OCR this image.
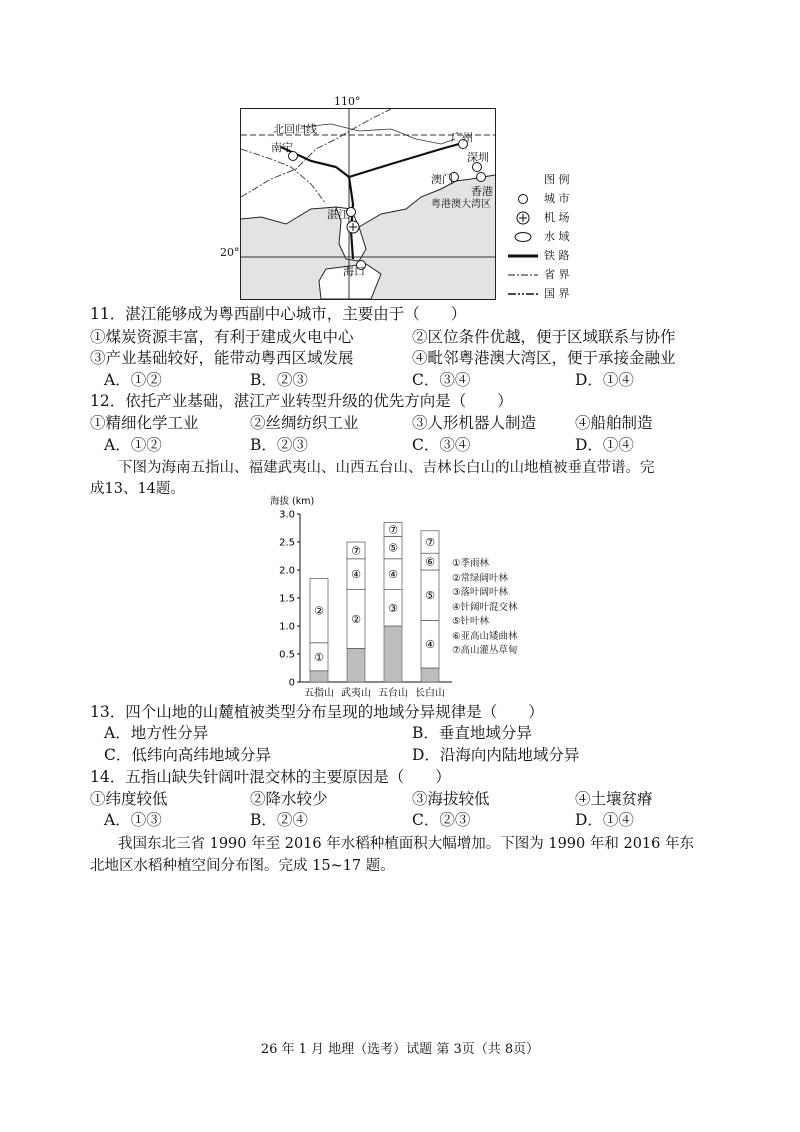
110°
20°
北回归线
南宁
广州
深圳
澳门
香港
粤港澳大湾区
湛江
海口
图 例
城 市
机 场
水 域
铁 路
省 界
国 界
11．湛江能够成为粤西副中心城市，主要由于（　　）
①煤炭资源丰富，有利于建成火电中心	②区位条件优越，便于区域联系与协作
③产业基础较好，能带动粤西区域发展	④毗邻粤港澳大湾区，便于承接金融业
A．①②	B．②③	C．③④	D．①④
12．依托产业基础，湛江产业转型升级的优先方向是（　　）
①精细化学工业	②丝绸纺织工业	③人形机器人制造	④船舶制造
A．①②	B．②③	C．③④	D．①④
下图为海南五指山、福建武夷山、山西五台山、吉林长白山的山地植被垂直带谱。完
成13、14题。
海拔 (km)
0
0.5
1.0
1.5
2.0
2.5
3.0
①
②
五指山
②
④
⑦
武夷山
③
④
⑤
⑦
五台山
④
⑤
⑥
⑦
长白山
①季雨林
②常绿阔叶林
③落叶阔叶林
④针阔叶混交林
⑤针叶林
⑥亚高山矮曲林
⑦高山灌丛草甸
13．四个山地的山麓植被类型分布呈现的地域分异规律是（　　）
A．地方性分异	B．垂直地域分异
C．低纬向高纬地域分异	D．沿海向内陆地域分异
14．五指山缺失针阔叶混交林的主要原因是（　　）
①纬度较低	②降水较少	③海拔较低	④土壤贫瘠
A．①③	B．②④	C．②③	D．①④
我国东北三省 1990 年至 2016 年水稻种植面积大幅增加。下图为 1990 年和 2016 年东
北地区水稻种植空间分布图。完成 15~17 题。
26 年 1 月 地理（选考）试题 第 3页（共 8页）
